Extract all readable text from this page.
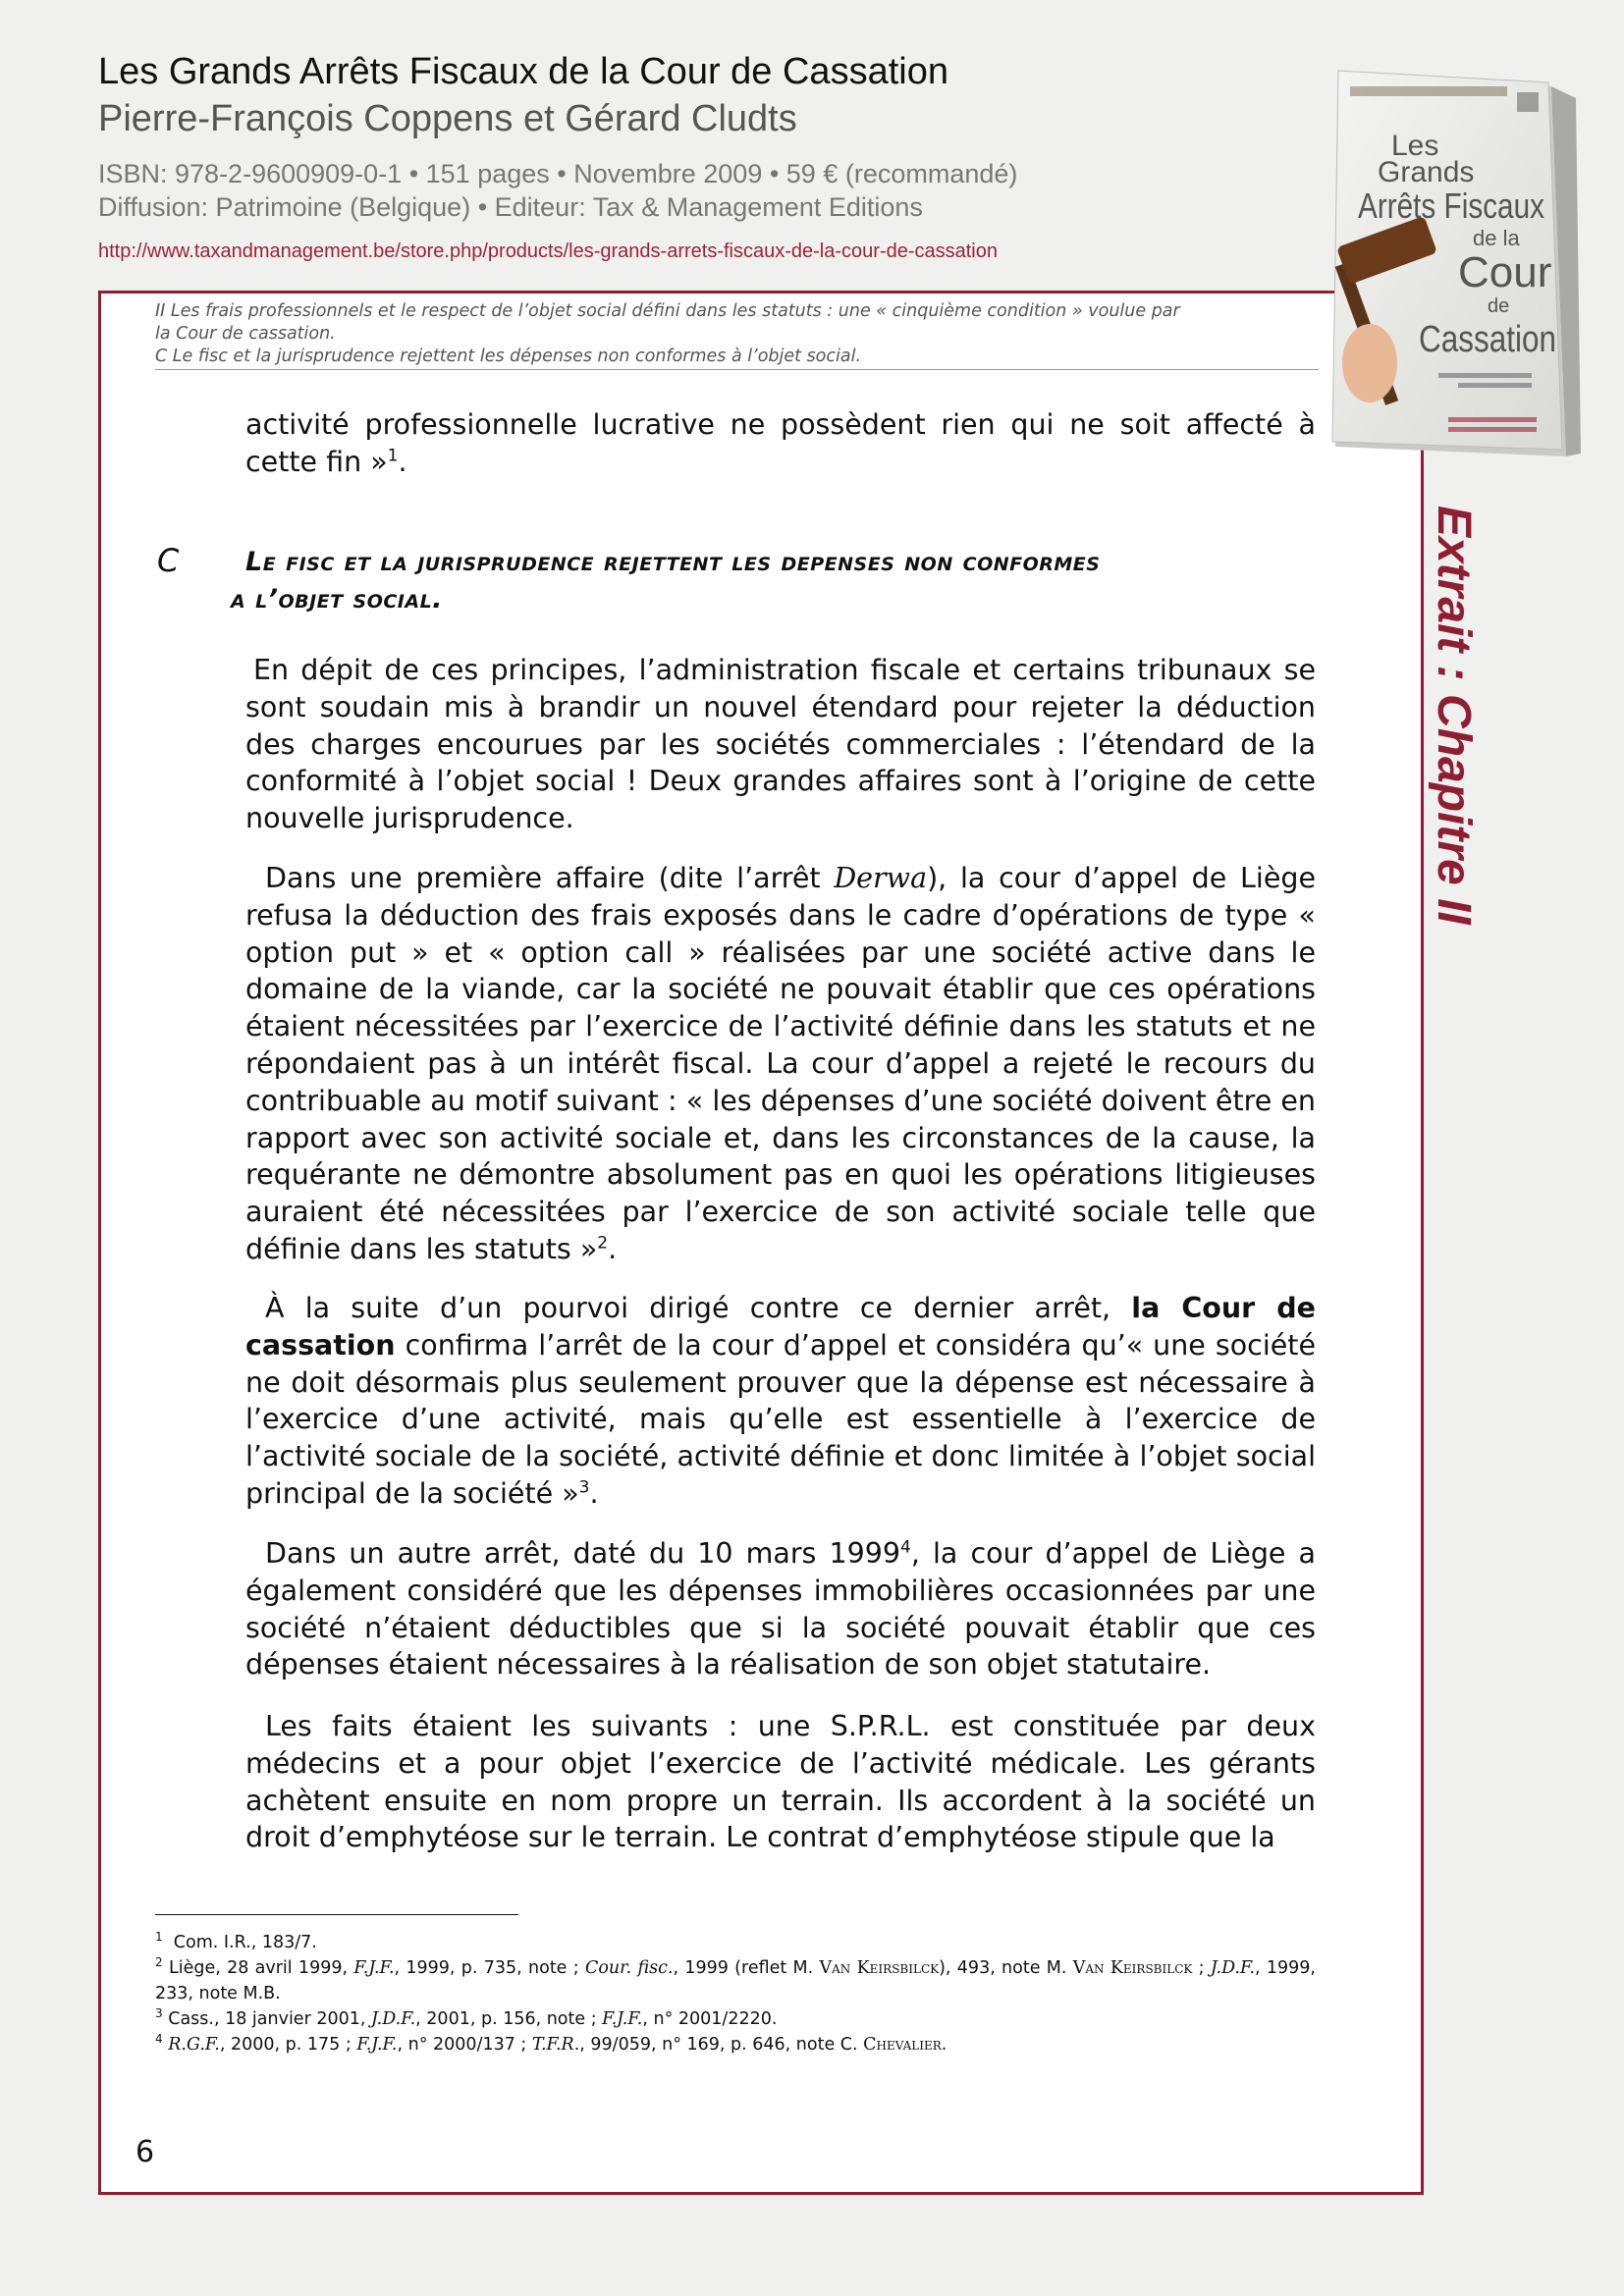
Les Grands Arrêts Fiscaux de la Cour de Cassation
Pierre-François Coppens et Gérard Cludts
ISBN: 978-2-9600909-0-1 • 151 pages • Novembre 2009 • 59 € (recommandé)
Diffusion: Patrimoine (Belgique) • Editeur: Tax & Management Editions
http://www.taxandmanagement.be/store.php/products/les-grands-arrets-fiscaux-de-la-cour-de-cassation
Les
Grands
Arrêts Fiscaux
de la
Cour
de
Cassation
II Les frais professionnels et le respect de l’objet social défini dans les statuts : une « cinquième condition » voulue par
la Cour de cassation.
C Le fisc et la jurisprudence rejettent les dépenses non conformes à l’objet social.
Extrait : Chapitre II

activité professionnelle lucrative ne possèdent rien qui ne soit affecté à cette fin »$^1$.

C	Le fisc et la jurisprudence rejettent les depenses non conformes
a l’objet social.

En dépit de ces principes, l’administration fiscale et certains tribunaux se sont soudain mis à brandir un nouvel étendard pour rejeter la déduction des charges encourues par les sociétés commerciales : l’étendard de la conformité à l’objet social ! Deux grandes affaires sont à l’origine de cette nouvelle jurisprudence.

Dans une première affaire (dite l’arrêt Derwa), la cour d’appel de Liège refusa la déduction des frais exposés dans le cadre d’opérations de type « option put » et « option call » réalisées par une société active dans le domaine de la viande, car la société ne pouvait établir que ces opérations étaient nécessitées par l’exercice de l’activité définie dans les statuts et ne répondaient pas à un intérêt fiscal. La cour d’appel a rejeté le recours du contribuable au motif suivant : « les dépenses d’une société doivent être en rapport avec son activité sociale et, dans les circonstances de la cause, la requérante ne démontre absolument pas en quoi les opérations litigieuses auraient été nécessitées par l’exercice de son activité sociale telle que définie dans les statuts »$^2$.

À la suite d’un pourvoi dirigé contre ce dernier arrêt, la Cour de cassation confirma l’arrêt de la cour d’appel et considéra qu’« une société ne doit désormais plus seulement prouver que la dépense est nécessaire à l’exercice d’une activité, mais qu’elle est essentielle à l’exercice de l’activité sociale de la société, activité définie et donc limitée à l’objet social principal de la société »$^3$.

Dans un autre arrêt, daté du 10 mars 1999$^4$, la cour d’appel de Liège a également considéré que les dépenses immobilières occasionnées par une société n’étaient déductibles que si la société pouvait établir que ces dépenses étaient nécessaires à la réalisation de son objet statutaire.

Les faits étaient les suivants : une S.P.R.L. est constituée par deux médecins et a pour objet l’exercice de l’activité médicale. Les gérants achètent ensuite en nom propre un terrain. Ils accordent à la société un droit d’emphytéose sur le terrain. Le contrat d’emphytéose stipule que la

$^1$ Com. I.R., 183/7.

$^2$ Liège, 28 avril 1999, F.J.F., 1999, p. 735, note ; Cour. fisc., 1999 (reflet M. Van Keirsbilck), 493, note M. Van Keirsbilck ; J.D.F., 1999, 233, note M.B.

$^3$ Cass., 18 janvier 2001, J.D.F., 2001, p. 156, note ; F.J.F., n° 2001/2220.

$^4$ R.G.F., 2000, p. 175 ; F.J.F., n° 2000/137 ; T.F.R., 99/059, n° 169, p. 646, note C. Chevalier.

6
